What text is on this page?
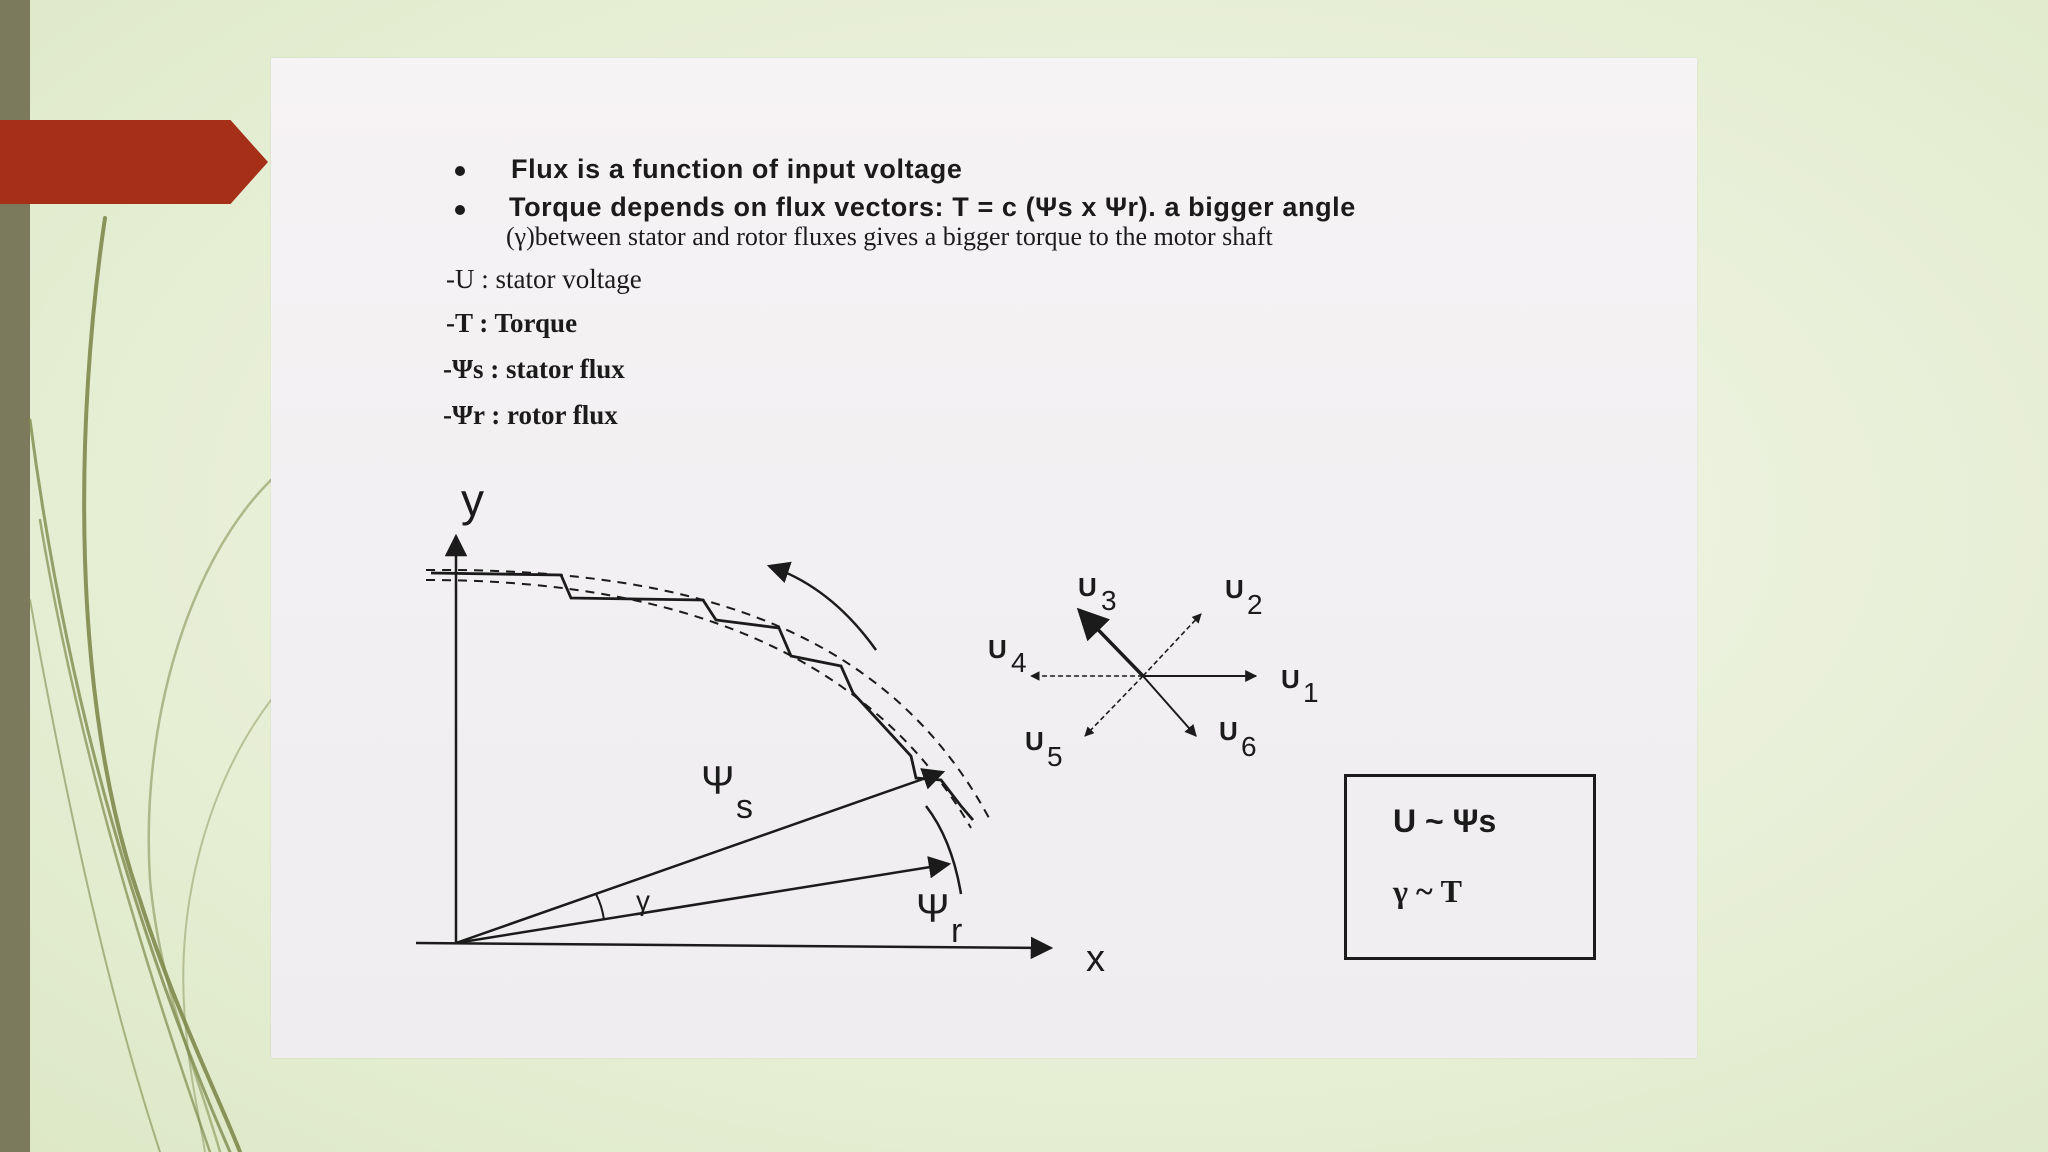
Flux is a function of input voltage
Torque depends on flux vectors: T = c (Ψs x Ψr). a bigger angle
(γ)between stator and rotor fluxes gives a bigger torque to the motor shaft
-U : stator voltage
-T : Torque
-Ψs : stator flux
-Ψr : rotor flux
y
x
γ
Ψ
s
Ψ r
U 1
U 2
U 3
U 4
U 5
U 6
U ~ Ψs
γ ~ T
